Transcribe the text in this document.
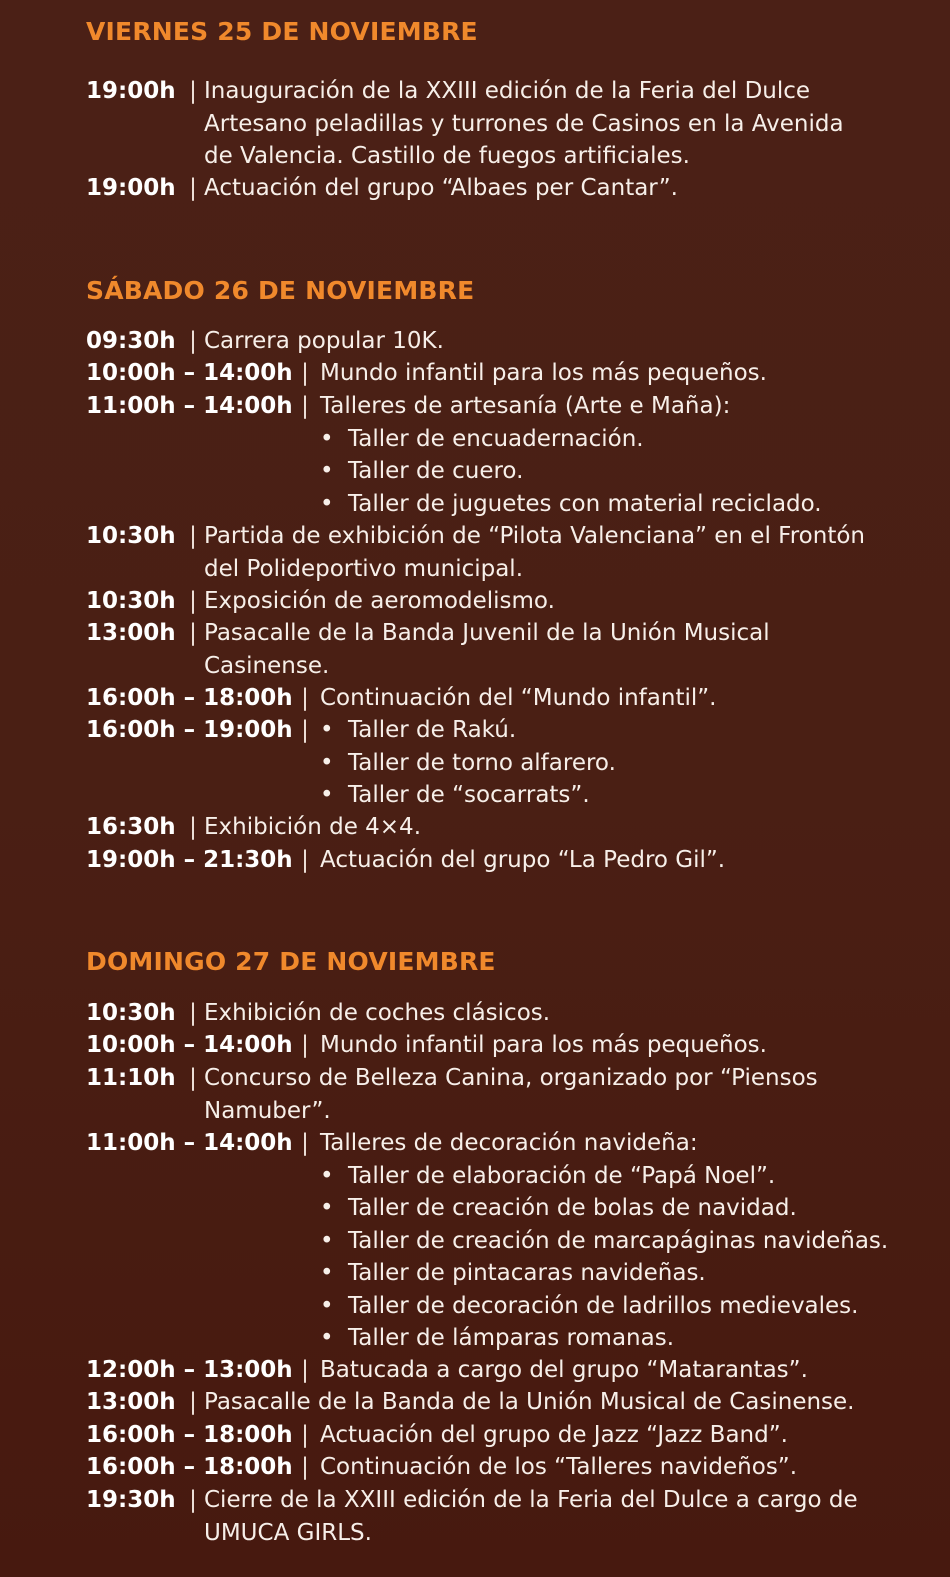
VIERNES 25 DE NOVIEMBRE
19:00h | Inauguración de la XXIII edición de la Feria del Dulce
Artesano peladillas y turrones de Casinos en la Avenida
de Valencia. Castillo de fuegos artificiales.
19:00h | Actuación del grupo “Albaes per Cantar”.
SÁBADO 26 DE NOVIEMBRE
09:30h | Carrera popular 10K.
10:00h – 14:00h | Mundo infantil para los más pequeños.
11:00h – 14:00h | Talleres de artesanía (Arte e Maña):
• Taller de encuadernación.
• Taller de cuero.
• Taller de juguetes con material reciclado.
10:30h | Partida de exhibición de “Pilota Valenciana” en el Frontón
del Polideportivo municipal.
10:30h | Exposición de aeromodelismo.
13:00h | Pasacalle de la Banda Juvenil de la Unión Musical
Casinense.
16:00h – 18:00h | Continuación del “Mundo infantil”.
16:00h – 19:00h |
•	Taller de Rakú.
• Taller de torno alfarero.
• Taller de “socarrats”.
16:30h | Exhibición de 4×4.
19:00h – 21:30h | Actuación del grupo “La Pedro Gil”.
DOMINGO 27 DE NOVIEMBRE
10:30h | Exhibición de coches clásicos.
10:00h – 14:00h | Mundo infantil para los más pequeños.
11:10h | Concurso de Belleza Canina, organizado por “Piensos
Namuber”.
11:00h – 14:00h | Talleres de decoración navideña:
• Taller de elaboración de “Papá Noel”.
• Taller de creación de bolas de navidad.
• Taller de creación de marcapáginas navideñas.
• Taller de pintacaras navideñas.
• Taller de decoración de ladrillos medievales.
• Taller de lámparas romanas.
12:00h – 13:00h | Batucada a cargo del grupo “Matarantas”.
13:00h | Pasacalle de la Banda de la Unión Musical de Casinense.
16:00h – 18:00h | Actuación del grupo de Jazz “Jazz Band”.
16:00h – 18:00h | Continuación de los “Talleres navideños”.
19:30h | Cierre de la XXIII edición de la Feria del Dulce a cargo de
UMUCA GIRLS.
